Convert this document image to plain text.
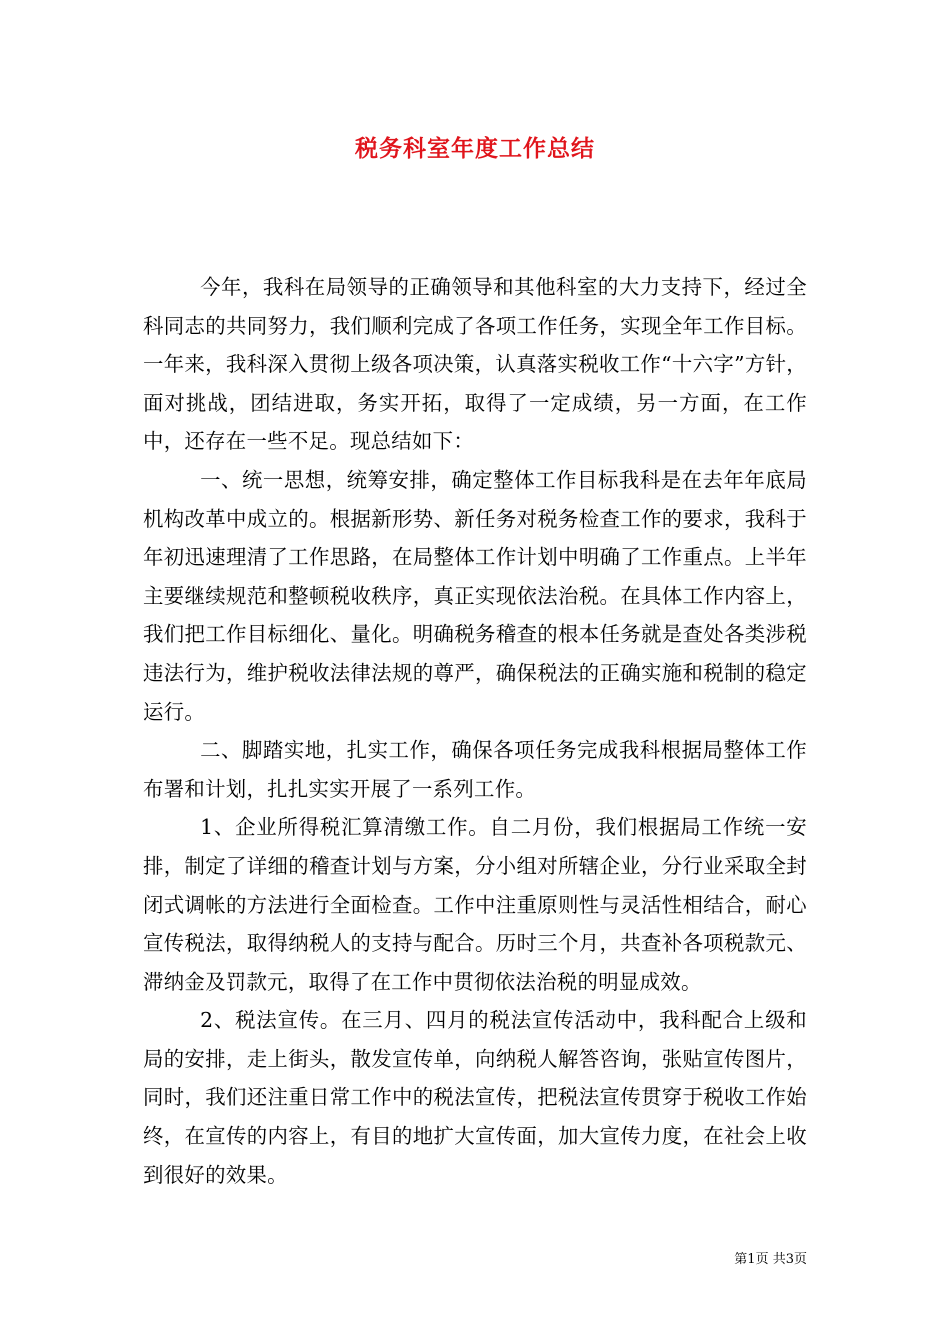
税务科室年度工作总结

今年，我科在局领导的正确领导和其他科室的大力支持下，经过全科同志的共同努力，我们顺利完成了各项工作任务，实现全年工作目标。一年来，我科深入贯彻上级各项决策，认真落实税收工作“十六字”方针，面对挑战，团结进取，务实开拓，取得了一定成绩，另一方面，在工作中，还存在一些不足。现总结如下：

一、统一思想，统筹安排，确定整体工作目标我科是在去年年底局机构改革中成立的。根据新形势、新任务对税务检查工作的要求，我科于年初迅速理清了工作思路，在局整体工作计划中明确了工作重点。上半年主要继续规范和整顿税收秩序，真正实现依法治税。在具体工作内容上，我们把工作目标细化、量化。明确税务稽查的根本任务就是查处各类涉税违法行为，维护税收法律法规的尊严，确保税法的正确实施和税制的稳定运行。

二、脚踏实地，扎实工作，确保各项任务完成我科根据局整体工作布署和计划，扎扎实实开展了一系列工作。

1、企业所得税汇算清缴工作。自二月份，我们根据局工作统一安排，制定了详细的稽查计划与方案，分小组对所辖企业，分行业采取全封闭式调帐的方法进行全面检查。工作中注重原则性与灵活性相结合，耐心宣传税法，取得纳税人的支持与配合。历时三个月，共查补各项税款元、滞纳金及罚款元，取得了在工作中贯彻依法治税的明显成效。

2、税法宣传。在三月、四月的税法宣传活动中，我科配合上级和局的安排，走上街头，散发宣传单，向纳税人解答咨询，张贴宣传图片，同时，我们还注重日常工作中的税法宣传，把税法宣传贯穿于税收工作始终，在宣传的内容上，有目的地扩大宣传面，加大宣传力度，在社会上收到很好的效果。

第1页 共3页
